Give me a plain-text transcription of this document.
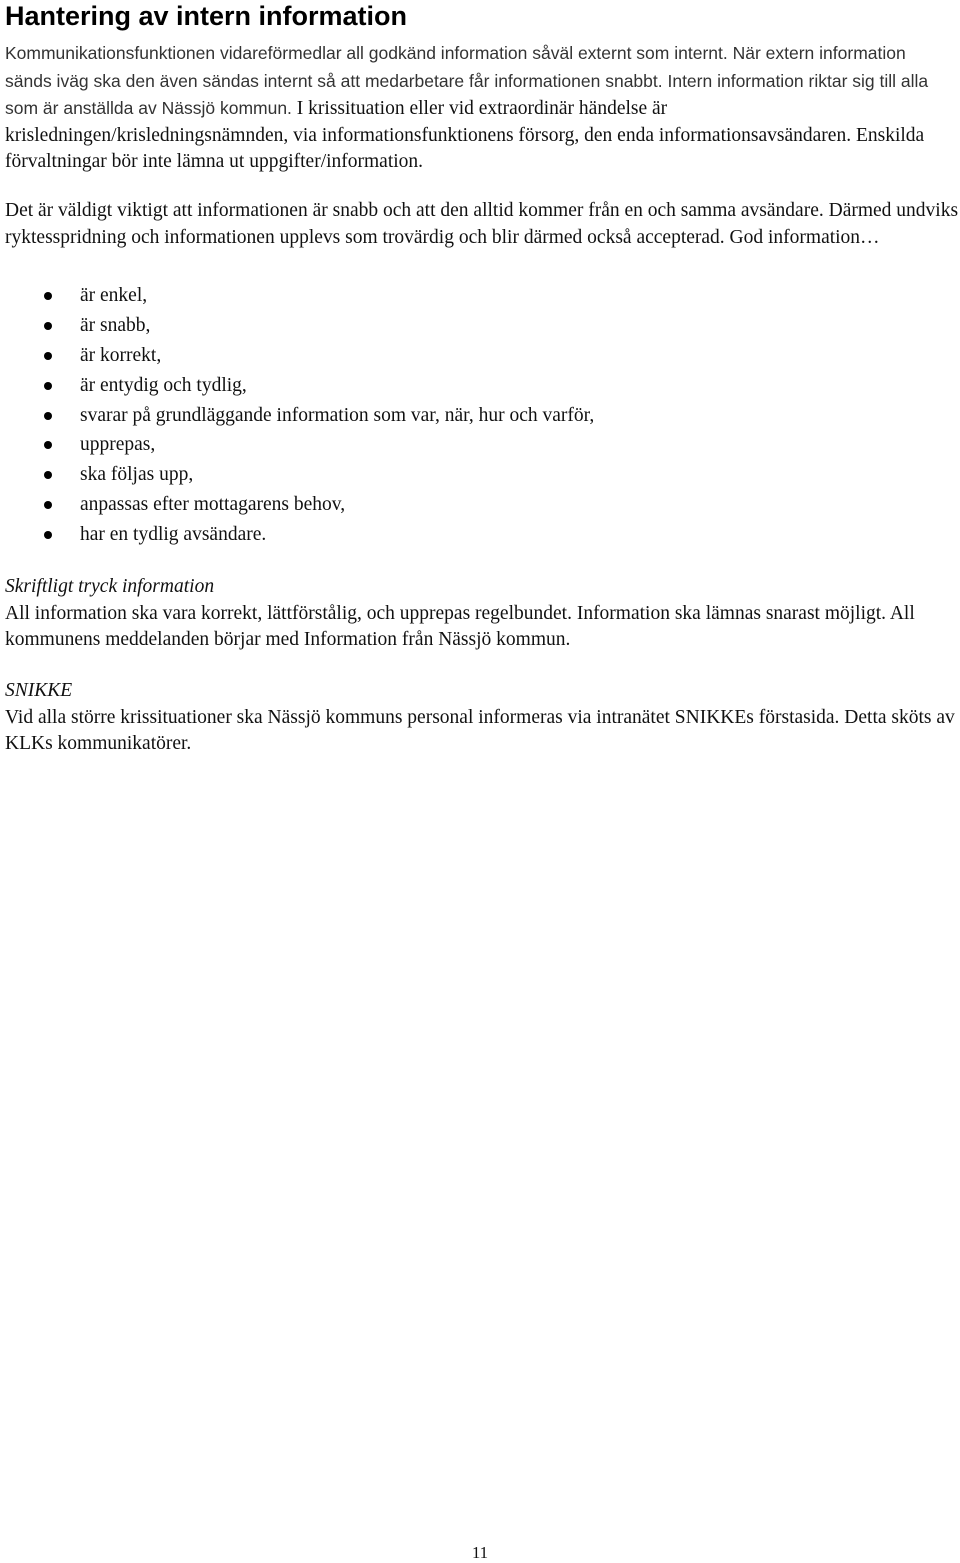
Hantering av intern information

Kommunikationsfunktionen vidareförmedlar all godkänd information såväl externt som internt. När extern information sänds iväg ska den även sändas internt så att medarbetare får informationen snabbt. Intern information riktar sig till alla som är anställda av Nässjö kommun. I krissituation eller vid extraordinär händelse är krisledningen/krisledningsnämnden, via informationsfunktionens försorg, den enda informationsavsändaren. Enskilda förvaltningar bör inte lämna ut uppgifter/information.

Det är väldigt viktigt att informationen är snabb och att den alltid kommer från en och samma avsändare. Därmed undviks ryktesspridning och informationen upplevs som trovärdig och blir därmed också accepterad. God information…

är enkel,
är snabb,
är korrekt,
är entydig och tydlig,
svarar på grundläggande information som var, när, hur och varför,
upprepas,
ska följas upp,
anpassas efter mottagarens behov,
har en tydlig avsändare.
Skriftligt tryck information
All information ska vara korrekt, lättförstålig, och upprepas regelbundet. Information ska lämnas snarast möjligt. All kommunens meddelanden börjar med Information från Nässjö kommun.
SNIKKE
Vid alla större krissituationer ska Nässjö kommuns personal informeras via intranätet SNIKKEs förstasida. Detta sköts av KLKs kommunikatörer.
11
